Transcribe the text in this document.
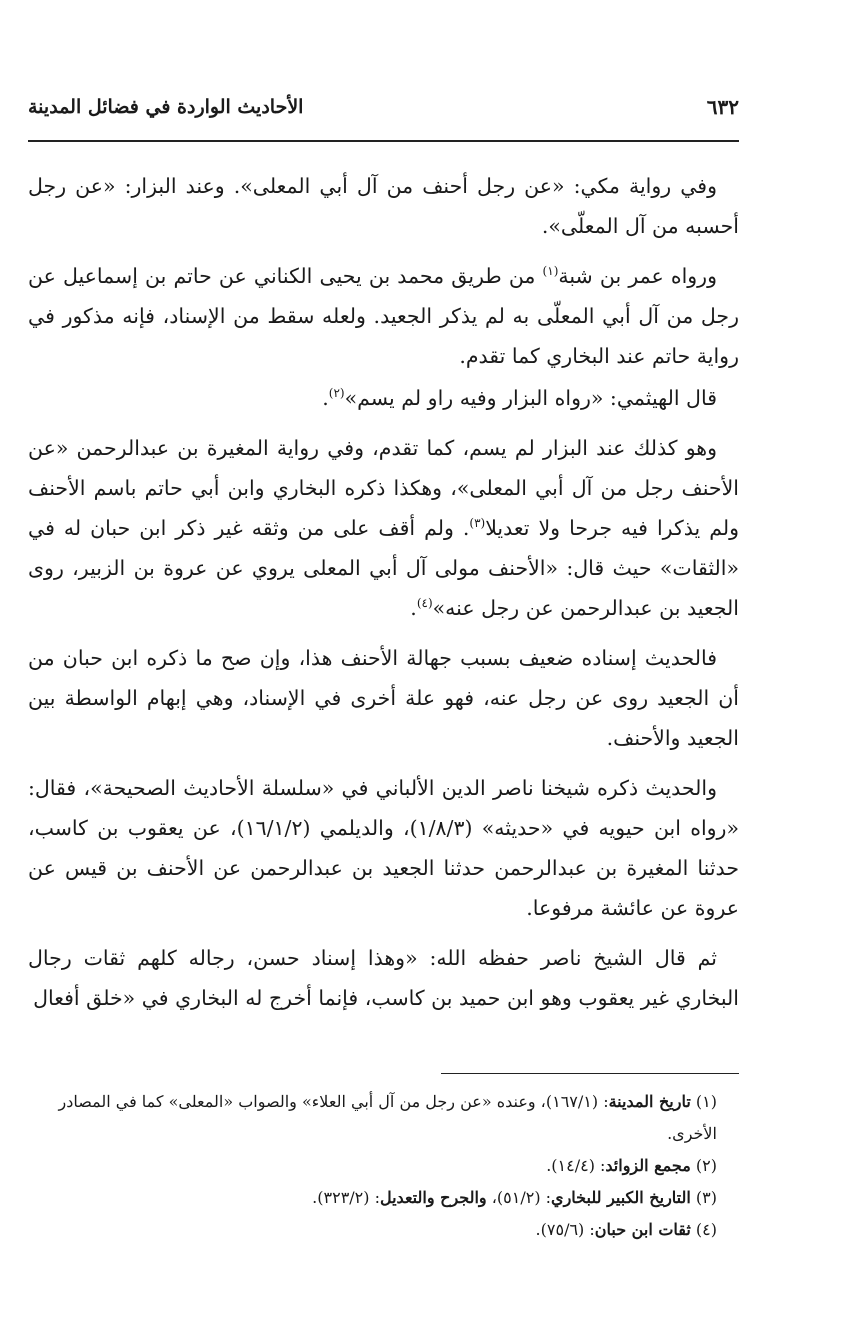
٦٣٢
الأحاديث الواردة في فضائل المدينة

وفي رواية مكي: «عن رجل أحنف من آل أبي المعلى». وعند البزار: «عن رجل أحسبه من آل المعلّى».

ورواه عمر بن شبة$^{(١)}$ من طريق محمد بن يحيى الكناني عن حاتم بن إسماعيل عن رجل من آل أبي المعلّى به لم يذكر الجعيد. ولعله سقط من الإسناد، فإنه مذكور في رواية حاتم عند البخاري كما تقدم.

قال الهيثمي: «رواه البزار وفيه راو لم يسم»$^{(٢)}$.

وهو كذلك عند البزار لم يسم، كما تقدم، وفي رواية المغيرة بن عبدالرحمن «عن الأحنف رجل من آل أبي المعلى»، وهكذا ذكره البخاري وابن أبي حاتم باسم الأحنف ولم يذكرا فيه جرحا ولا تعديلا$^{(٣)}$. ولم أقف على من وثقه غير ذكر ابن حبان له في «الثقات» حيث قال: «الأحنف مولى آل أبي المعلى يروي عن عروة بن الزبير، روى الجعيد بن عبدالرحمن عن رجل عنه»$^{(٤)}$.

فالحديث إسناده ضعيف بسبب جهالة الأحنف هذا، وإن صح ما ذكره ابن حبان من أن الجعيد روى عن رجل عنه، فهو علة أخرى في الإسناد، وهي إبهام الواسطة بين الجعيد والأحنف.

والحديث ذكره شيخنا ناصر الدين الألباني في «سلسلة الأحاديث الصحيحة»، فقال: «رواه ابن حيويه في «حديثه» (١/٨/٣)، والديلمي (١٦/١/٢)، عن يعقوب بن كاسب، حدثنا المغيرة بن عبدالرحمن حدثنا الجعيد بن عبدالرحمن عن الأحنف بن قيس عن عروة عن عائشة مرفوعا.

ثم قال الشيخ ناصر حفظه الله: «وهذا إسناد حسن، رجاله كلهم ثقات رجال البخاري غير يعقوب وهو ابن حميد بن كاسب، فإنما أخرج له البخاري في «خلق أفعال

(١) تاريخ المدينة: (١٦٧/١)، وعنده «عن رجل من آل أبي العلاء» والصواب «المعلى» كما في المصادر الأخرى.

(٢) مجمع الزوائد: (١٤/٤).

(٣) التاريخ الكبير للبخاري: (٥١/٢)، والجرح والتعديل: (٣٢٣/٢).

(٤) ثقات ابن حبان: (٧٥/٦).
